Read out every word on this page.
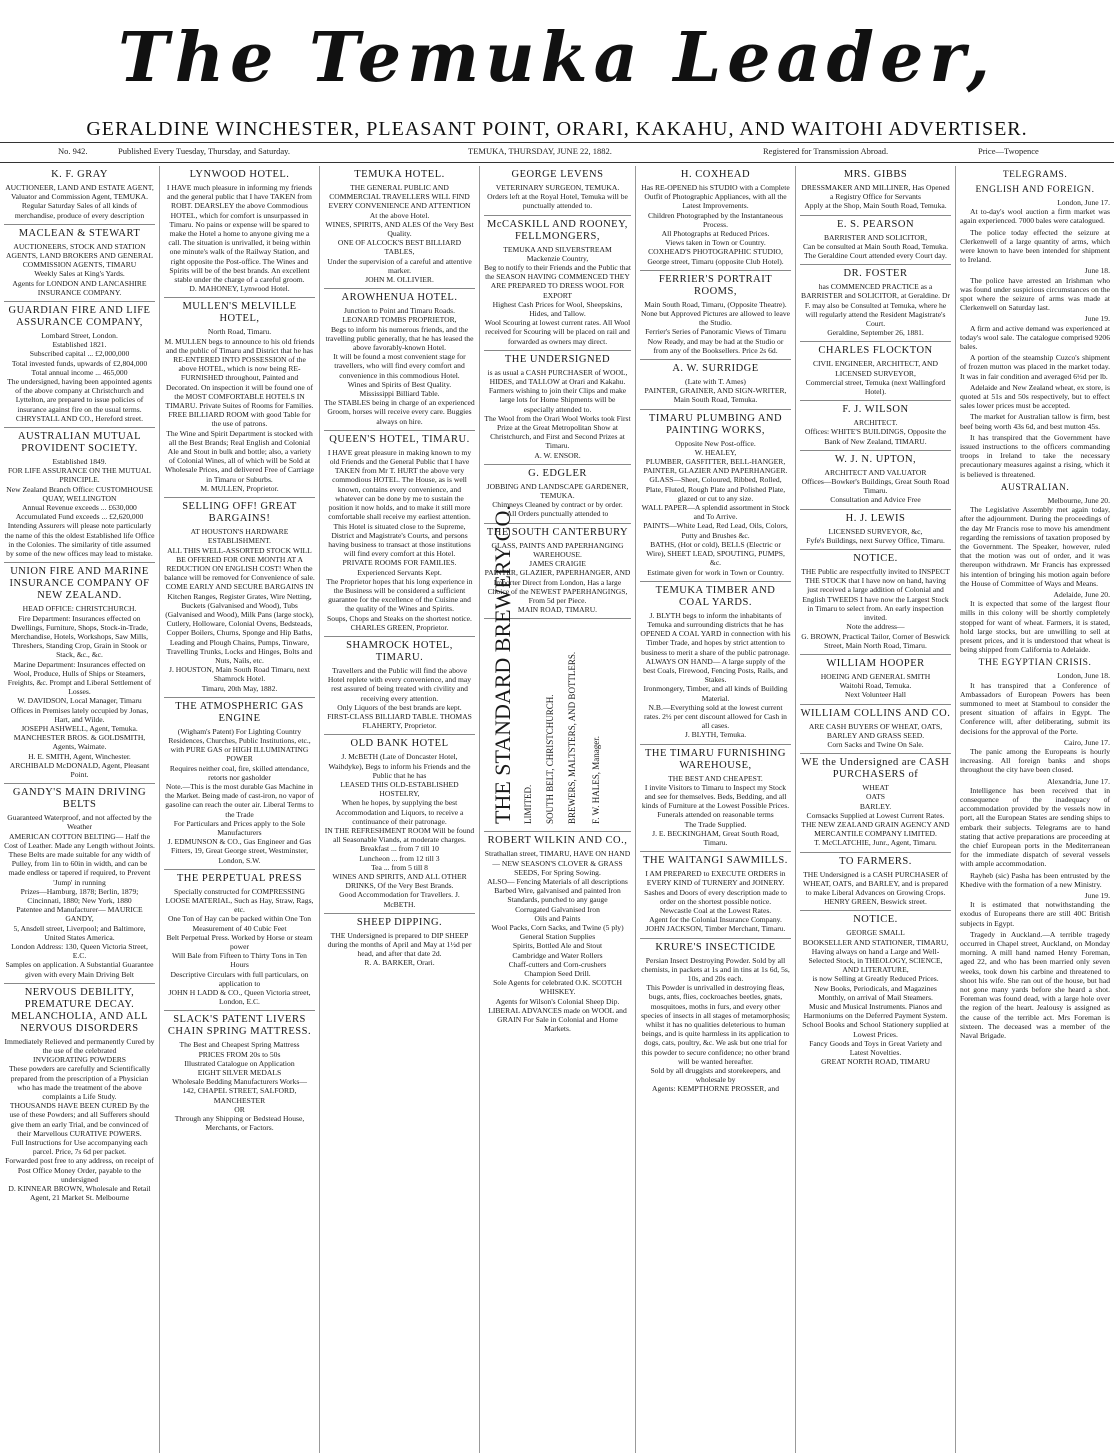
The Temuka Leader,
GERALDINE WINCHESTER, PLEASANT POINT, ORARI, KAKAHU, AND WAITOHI ADVERTISER.
No. 942.	Published Every Tuesday, Thursday, and Saturday.	TEMUKA, THURSDAY, JUNE 22, 1882.	Registered for Transmission Abroad.	Price—Twopence
K. F. GRAY
AUCTIONEER, LAND AND ESTATE AGENT,
Valuator and Commission Agent, TEMUKA.
Regular Saturday Sales of all kinds of merchandise, produce of every description
MACLEAN & STEWART
AUCTIONEERS, STOCK AND STATION AGENTS, LAND BROKERS AND GENERAL COMMISSION AGENTS, TIMARU
Weekly Sales at King's Yards.
Agents for LONDON AND LANCASHIRE INSURANCE COMPANY.
GUARDIAN FIRE AND LIFE ASSURANCE COMPANY,
Lombard Street, London.
Established 1821.
Subscribed capital ... £2,000,000
Total invested funds, upwards of £2,804,000
Total annual income ... 465,000
The undersigned, having been appointed agents of the above company at Christchurch and Lyttelton, are prepared to issue policies of insurance against fire on the usual terms.
CHRYSTALL AND CO., Hereford street.
AUSTRALIAN MUTUAL PROVIDENT SOCIETY.
Established 1849.
FOR LIFE ASSURANCE ON THE MUTUAL PRINCIPLE.
New Zealand Branch Office: CUSTOMHOUSE QUAY, WELLINGTON
Annual Revenue exceeds ... £630,000
Accumulated Fund exceeds ... £2,620,000
Intending Assurers will please note particularly the name of this the oldest Established life Office in the Colonies. The similarity of title assumed by some of the new offices may lead to mistake.
UNION FIRE AND MARINE INSURANCE COMPANY OF NEW ZEALAND.
HEAD OFFICE: CHRISTCHURCH.
Fire Department: Insurances effected on Dwellings, Furniture, Shops, Stock-in-Trade, Merchandise, Hotels, Workshops, Saw Mills, Threshers, Standing Crop, Grain in Stook or Stack, &c., &c.
Marine Department: Insurances effected on Wool, Produce, Hulls of Ships or Steamers, Freights, &c. Prompt and Liberal Settlement of Losses.
W. DAVIDSON, Local Manager, Timaru
Offices in Premises lately occupied by Jonas, Hart, and Wilde.
JOSEPH ASHWELL, Agent, Temuka.
MANCHESTER BROS. & GOLDSMITH, Agents, Waimate.
H. E. SMITH, Agent, Winchester.
ARCHIBALD McDONALD, Agent, Pleasant Point.
GANDY'S MAIN DRIVING BELTS
Guaranteed Waterproof, and not affected by the Weather
AMERICAN COTTON BELTING— Half the Cost of Leather. Made any Length without Joints.
These Belts are made suitable for any width of Pulley, from 1in to 60in in width, and can be made endless or tapered if required, to Prevent 'Jump' in running
Prizes—Hamburg, 1878; Berlin, 1879; Cincinnati, 1880; New York, 1880
Patentee and Manufacturer— MAURICE GANDY,
5, Ansdell street, Liverpool; and Baltimore, United States America.
London Address: 130, Queen Victoria Street, E.C.
Samples on application. A Substantial Guarantee given with every Main Driving Belt
NERVOUS DEBILITY, PREMATURE DECAY. MELANCHOLIA, AND ALL NERVOUS DISORDERS
Immediately Relieved and permanently Cured by the use of the celebrated
INVIGORATING POWDERS
These powders are carefully and Scientifically prepared from the prescription of a Physician who has made the treatment of the above complaints a Life Study.
THOUSANDS HAVE BEEN CURED By the use of these Powders; and all Sufferers should give them an early Trial, and be convinced of their Marvellous CURATIVE POWERS.
Full Instructions for Use accompanying each parcel. Price, 7s 6d per packet.
Forwarded post free to any address, on receipt of Post Office Money Order, payable to the undersigned
D. KINNEAR BROWN, Wholesale and Retail Agent, 21 Market St. Melbourne
LYNWOOD HOTEL.
I HAVE much pleasure in informing my friends and the general public that I have TAKEN from ROBT. DEARSLEY the above Commodious HOTEL, which for comfort is unsurpassed in Timaru. No pains or expense will be spared to make the Hotel a home to anyone giving me a call. The situation is unrivalled, it being within one minute's walk of the Railway Station, and right opposite the Post-office. The Wines and Spirits will be of the best brands. An excellent stable under the charge of a careful groom.
D. MAHONEY, Lynwood Hotel.
MULLEN'S MELVILLE HOTEL,
North Road, Timaru.
M. MULLEN begs to announce to his old friends and the public of Timaru and District that he has RE-ENTERED INTO POSSESSION of the above HOTEL, which is now being RE-FURNISHED throughout, Painted and Decorated. On inspection it will be found one of the MOST COMFORTABLE HOTELS IN TIMARU. Private Suites of Rooms for Families. FREE BILLIARD ROOM with good Table for the use of patrons.
The Wine and Spirit Department is stocked with all the Best Brands; Real English and Colonial Ale and Stout in bulk and bottle; also, a variety of Colonial Wines, all of which will be Sold at Wholesale Prices, and delivered Free of Carriage in Timaru or Suburbs.
M. MULLEN, Proprietor.
SELLING OFF! GREAT BARGAINS!
AT HOUSTON'S HARDWARE ESTABLISHMENT.
ALL THIS WELL-ASSORTED STOCK WILL BE OFFERED FOR ONE MONTH AT A REDUCTION ON ENGLISH COST! When the balance will be removed for Convenience of sale.
COME EARLY AND SECURE BARGAINS IN
Kitchen Ranges, Register Grates, Wire Netting, Buckets (Galvanised and Wood), Tubs (Galvanised and Wood), Milk Pans (large stock), Cutlery, Holloware, Colonial Ovens, Bedsteads, Copper Boilers, Churns, Sponge and Hip Baths, Leading and Plough Chains, Pumps, Tinware, Travelling Trunks, Locks and Hinges, Bolts and Nuts, Nails, etc.
J. HOUSTON, Main South Road Timaru, next Shamrock Hotel.
Timaru, 20th May, 1882.
THE ATMOSPHERIC GAS ENGINE
(Wigham's Patent) For Lighting Country Residences, Churches, Public Institutions, etc., with PURE GAS or HIGH ILLUMINATING POWER
Requires neither coal, fire, skilled attendance, retorts nor gasholder
Note.—This is the most durable Gas Machine in the Market. Being made of cast-iron, no vapor of gasoline can reach the outer air. Liberal Terms to the Trade
For Particulars and Prices apply to the Sole Manufacturers
J. EDMUNSON & CO., Gas Engineer and Gas Fitters, 19, Great George street, Westminster, London, S.W.
THE PERPETUAL PRESS
Specially constructed for COMPRESSING LOOSE MATERIAL, Such as Hay, Straw, Rags, etc.
One Ton of Hay can be packed within One Ton Measurement of 40 Cubic Feet
Belt Perpetual Press. Worked by Horse or steam power
Will Bale from Fifteen to Thirty Tons in Ten Hours
Descriptive Circulars with full particulars, on application to
JOHN H LADD & CO., Queen Victoria street, London, E.C.
SLACK'S PATENT LIVERS CHAIN SPRING MATTRESS.
The Best and Cheapest Spring Mattress
PRICES FROM 20s to 50s
Illustrated Catalogue on Application
EIGHT SILVER MEDALS
Wholesale Bedding Manufacturers Works—
142, CHAPEL STREET, SALFORD, MANCHESTER
OR
Through any Shipping or Bedstead House, Merchants, or Factors.
TEMUKA HOTEL.
THE GENERAL PUBLIC AND COMMERCIAL TRAVELLERS WILL FIND EVERY CONVENIENCE AND ATTENTION At the above Hotel.
WINES, SPIRITS, AND ALES Of the Very Best Quality.
ONE OF ALCOCK'S BEST BILLIARD TABLES,
Under the supervision of a careful and attentive marker.
JOHN M. OLLIVIER.
AROWHENUA HOTEL.
Junction to Point and Timaru Roads.
LEONARD TOMBS PROPRIETOR,
Begs to inform his numerous friends, and the travelling public generally, that he has leased the above favorably-known Hotel.
It will be found a most convenient stage for travellers, who will find every comfort and convenience in this commodious Hotel.
Wines and Spirits of Best Quality.
Mississippi Billiard Table.
The STABLES being in charge of an experienced Groom, horses will receive every care. Buggies always on hire.
QUEEN'S HOTEL, TIMARU.
I HAVE great pleasure in making known to my old Friends and the General Public that I have TAKEN from Mr T. HURT the above very commodious HOTEL. The House, as is well known, contains every convenience, and whatever can be done by me to sustain the position it now holds, and to make it still more comfortable shall receive my earliest attention.
This Hotel is situated close to the Supreme, District and Magistrate's Courts, and persons having business to transact at those institutions will find every comfort at this Hotel.
PRIVATE ROOMS FOR FAMILIES. Experienced Servants Kept.
The Proprietor hopes that his long experience in the Business will be considered a sufficient guarantee for the excellence of the Cuisine and the quality of the Wines and Spirits.
Soups, Chops and Steaks on the shortest notice.
CHARLES GREEN, Proprietor.
SHAMROCK HOTEL, TIMARU.
Travellers and the Public will find the above Hotel replete with every convenience, and may rest assured of being treated with civility and receiving every attention.
Only Liquors of the best brands are kept.
FIRST-CLASS BILLIARD TABLE. THOMAS FLAHERTY, Proprietor.
OLD BANK HOTEL
J. McBETH (Late of Doncaster Hotel, Waihdyke), Begs to inform his Friends and the Public that he has
LEASED THIS OLD-ESTABLISHED HOSTELRY,
When he hopes, by supplying the best Accommodation and Liquors, to receive a continuance of their patronage.
IN THE REFRESHMENT ROOM Will be found all Seasonable Viands, at moderate charges.
Breakfast ... from 7 till 10
Luncheon ... from 12 till 3
Tea ... from 5 till 8
WINES AND SPIRITS, AND ALL OTHER DRINKS, Of the Very Best Brands.
Good Accommodation for Travellers. J. McBETH.
SHEEP DIPPING.
THE Undersigned is prepared to DIP SHEEP during the months of April and May at 1½d per head, and after that date 2d.
R. A. BARKER, Orari.
GEORGE LEVENS
VETERINARY SURGEON, TEMUKA.
Orders left at the Royal Hotel, Temuka will be punctually attended to.
McCASKILL AND ROONEY, FELLMONGERS,
TEMUKA AND SILVERSTREAM
Mackenzie Country,
Beg to notify to their Friends and the Public that the SEASON HAVING COMMENCED THEY ARE PREPARED TO DRESS WOOL FOR EXPORT
Highest Cash Prices for Wool, Sheepskins, Hides, and Tallow.
Wool Scouring at lowest current rates. All Wool received for Scouring will be placed on rail and forwarded as owners may direct.
THE UNDERSIGNED
is as usual a CASH PURCHASER of WOOL, HIDES, and TALLOW at Orari and Kakahu.
Farmers wishing to join their Clips and make large lots for Home Shipments will be especially attended to.
The Wool from the Orari Wool Works took First Prize at the Great Metropolitan Show at Christchurch, and First and Second Prizes at Timaru.
A. W. ENSOR.
G. EDGLER
JOBBING AND LANDSCAPE GARDENER, TEMUKA.
Chimneys Cleaned by contract or by order.
All Orders punctually attended to
THE SOUTH CANTERBURY
GLASS, PAINTS AND PAPERHANGING WAREHOUSE.
JAMES CRAIGIE
PAINTER, GLAZIER, PAPERHANGER, AND
Importer Direct from London, Has a large Choice of the NEWEST PAPERHANGINGS, From 5d per Piece.
MAIN ROAD, TIMARU.
THE STANDARD BREWERY CO. LIMITED. SOUTH BELT, CHRISTCHURCH. BREWERS, MALTSTERS, AND BOTTLERS. F. W. HALES, Manager.
ROBERT WILKIN AND CO.,
Strathallan street, TIMARU, HAVE ON HAND— NEW SEASON'S CLOVER & GRASS SEEDS, For Spring Sowing.
ALSO— Fencing Materials of all descriptions
Barbed Wire, galvanised and painted Iron Standards, punched to any gauge
Corrugated Galvanised Iron
Oils and Paints
Wool Packs, Corn Sacks, and Twine (5 ply)
General Station Supplies
Spirits, Bottled Ale and Stout
Cambridge and Water Rollers
Chaff-cutters and Corn-crushers
Champion Seed Drill.
Sole Agents for celebrated O.K. SCOTCH WHISKEY.
Agents for Wilson's Colonial Sheep Dip.
LIBERAL ADVANCES made on WOOL and GRAIN For Sale in Colonial and Home Markets.
H. COXHEAD
Has RE-OPENED his STUDIO with a Complete Outfit of Photographic Appliances, with all the Latest Improvements.
Children Photographed by the Instantaneous Process.
All Photographs at Reduced Prices.
Views taken in Town or Country.
COXHEAD'S PHOTOGRAPHIC STUDIO, George street, Timaru (opposite Club Hotel).
FERRIER'S PORTRAIT ROOMS,
Main South Road, Timaru, (Opposite Theatre).
None but Approved Pictures are allowed to leave the Studio.
Ferrier's Series of Panoramic Views of Timaru Now Ready, and may be had at the Studio or from any of the Booksellers. Price 2s 6d.
A. W. SURRIDGE
(Late with T. Ames)
PAINTER, GRAINER, AND SIGN-WRITER,
Main South Road, Temuka.
TIMARU PLUMBING AND PAINTING WORKS,
Opposite New Post-office.
W. HEALEY,
PLUMBER, GASFITTER, BELL-HANGER, PAINTER, GLAZIER AND PAPERHANGER.
GLASS—Sheet, Coloured, Ribbed, Rolled, Plate, Fluted, Rough Plate and Polished Plate, glazed or cut to any size.
WALL PAPER—A splendid assortment in Stock and To Arrive.
PAINTS—White Lead, Red Lead, Oils, Colors, Putty and Brushes &c.
BATHS, (Hot or cold), BELLS (Electric or Wire), SHEET LEAD, SPOUTING, PUMPS, &c.
Estimate given for work in Town or Country.
TEMUKA TIMBER AND COAL YARDS.
J. BLYTH begs to inform the inhabitants of Temuka and surrounding districts that he has OPENED A COAL YARD in connection with his Timber Trade, and hopes by strict attention to business to merit a share of the public patronage.
ALWAYS ON HAND— A large supply of the best Coals, Firewood, Fencing Posts, Rails, and Stakes.
Ironmongery, Timber, and all kinds of Building Material.
N.B.—Everything sold at the lowest current rates. 2½ per cent discount allowed for Cash in all cases.
J. BLYTH, Temuka.
THE TIMARU FURNISHING WAREHOUSE,
THE BEST AND CHEAPEST.
I invite Visitors to Timaru to Inspect my Stock and see for themselves. Beds, Bedding, and all kinds of Furniture at the Lowest Possible Prices. Funerals attended on reasonable terms
The Trade Supplied.
J. E. BECKINGHAM, Great South Road, Timaru.
THE WAITANGI SAWMILLS.
I AM PREPARED to EXECUTE ORDERS in EVERY KIND of TURNERY and JOINERY.
Sashes and Doors of every description made to order on the shortest possible notice.
Newcastle Coal at the Lowest Rates.
Agent for the Colonial Insurance Company.
JOHN JACKSON, Timber Merchant, Timaru.
KRURE'S INSECTICIDE
Persian Insect Destroying Powder. Sold by all chemists, in packets at 1s and in tins at 1s 6d, 5s, 10s, and 20s each.
This Powder is unrivalled in destroying fleas, bugs, ants, flies, cockroaches beetles, gnats, mosquitoes, moths in furs, and every other species of insects in all stages of metamorphosis; whilst it has no qualities deleterious to human beings, and is quite harmless in its application to dogs, cats, poultry, &c. We ask but one trial for this powder to secure confidence; no other brand will be wanted hereafter.
Sold by all druggists and storekeepers, and wholesale by
Agents: KEMPTHORNE PROSSER, and
MRS. GIBBS
DRESSMAKER AND MILLINER, Has Opened a Registry Office for Servants
Apply at the Shop, Main South Road, Temuka.
E. S. PEARSON
BARRISTER AND SOLICITOR,
Can be consulted at Main South Road, Temuka. The Geraldine Court attended every Court day.
DR. FOSTER
has COMMENCED PRACTICE as a BARRISTER and SOLICITOR, at Geraldine. Dr F. may also be Consulted at Temuka, where he will regularly attend the Resident Magistrate's Court.
Geraldine, September 26, 1881.
CHARLES FLOCKTON
CIVIL ENGINEER, ARCHITECT, AND LICENSED SURVEYOR,
Commercial street, Temuka (next Wallingford Hotel).
F. J. WILSON
ARCHITECT.
Offices: WHITE'S BUILDINGS, Opposite the Bank of New Zealand, TIMARU.
W. J. N. UPTON,
ARCHITECT AND VALUATOR
Offices—Bowker's Buildings, Great South Road Timaru.
Consultation and Advice Free
H. J. LEWIS
LICENSED SURVEYOR, &c,
Fyfe's Buildings, next Survey Office, Timaru.
NOTICE.
THE Public are respectfully invited to INSPECT THE STOCK that I have now on hand, having just received a large addition of Colonial and English TWEEDS I have now the Largest Stock in Timaru to select from. An early inspection invited.
Note the address—
G. BROWN, Practical Tailor, Corner of Beswick Street, Main North Road, Timaru.
WILLIAM HOOPER
HOEING AND GENERAL SMITH
Waitohi Road, Temuka.
Next Volunteer Hall
WILLIAM COLLINS AND CO.
ARE CASH BUYERS OF WHEAT, OATS, BARLEY AND GRASS SEED.
Corn Sacks and Twine On Sale.
WE the Undersigned are CASH PURCHASERS of
WHEAT
OATS
BARLEY.
Cornsacks Supplied at Lowest Current Rates.
THE NEW ZEALAND GRAIN AGENCY AND MERCANTILE COMPANY LIMITED.
T. McCLATCHIE, Junr., Agent, Timaru.
TO FARMERS.
THE Undersigned is a CASH PURCHASER of WHEAT, OATS, and BARLEY, and is prepared to make Liberal Advances on Growing Crops.
HENRY GREEN, Beswick street.
NOTICE.
GEORGE SMALL
BOOKSELLER AND STATIONER, TIMARU, Having always on hand a Large and Well-Selected Stock, in THEOLOGY, SCIENCE, AND LITERATURE,
is now Selling at Greatly Reduced Prices.
New Books, Periodicals, and Magazines Monthly, on arrival of Mail Steamers.
Music and Musical Instruments. Pianos and Harmoniums on the Deferred Payment System.
School Books and School Stationery supplied at Lowest Prices.
Fancy Goods and Toys in Great Variety and Latest Novelties.
GREAT NORTH ROAD, TIMARU
TELEGRAMS.
ENGLISH AND FOREIGN.
London, June 17.

At to-day's wool auction a firm market was again experienced. 7000 bales were catalogued.

The police today effected the seizure at Clerkenwell of a large quantity of arms, which were known to have been intended for shipment to Ireland.

June 18.

The police have arrested an Irishman who was found under suspicious circumstances on the spot where the seizure of arms was made at Clerkenwell on Saturday last.

June 19.

A firm and active demand was experienced at today's wool sale. The catalogue comprised 9206 bales.

A portion of the steamship Cuzco's shipment of frozen mutton was placed in the market today. It was in fair condition and averaged 6½d per lb.

Adelaide and New Zealand wheat, ex store, is quoted at 51s and 50s respectively, but to effect sales lower prices must be accepted.

The market for Australian tallow is firm, best beef being worth 43s 6d, and best mutton 45s.

It has transpired that the Government have issued instructions to the officers commanding troops in Ireland to take the necessary precautionary measures against a rising, which it is believed is threatened.

AUSTRALIAN.
Melbourne, June 20.

The Legislative Assembly met again today, after the adjournment. During the proceedings of the day Mr Francis rose to move his amendment regarding the remissions of taxation proposed by the Government. The Speaker, however, ruled that the motion was out of order, and it was thereupon withdrawn. Mr Francis has expressed his intention of bringing his motion again before the House of Committee of Ways and Means.

Adelaide, June 20.

It is expected that some of the largest flour mills in this colony will be shortly completely stopped for want of wheat. Farmers, it is stated, hold large stocks, but are unwilling to sell at present prices, and it is understood that wheat is being shipped from California to Adelaide.

THE EGYPTIAN CRISIS.
London, June 18.

It has transpired that a Conference of Ambassadors of European Powers has been summoned to meet at Stamboul to consider the present situation of affairs in Egypt. The Conference will, after deliberating, submit its decisions for the approval of the Porte.

Cairo, June 17.

The panic among the Europeans is hourly increasing. All foreign banks and shops throughout the city have been closed.

Alexandria, June 17.

Intelligence has been received that in consequence of the inadequacy of accommodation provided by the vessels now in port, all the European States are sending ships to embark their subjects. Telegrams are to hand stating that active preparations are proceeding at the chief European ports in the Mediterranean for the immediate dispatch of several vessels with ample accommodation.

Rayheb (sic) Pasha has been entrusted by the Khedive with the formation of a new Ministry.

June 19.

It is estimated that notwithstanding the exodus of Europeans there are still 40C British subjects in Egypt.

Tragedy in Auckland.—A terrible tragedy occurred in Chapel street, Auckland, on Monday morning. A mill hand named Henry Foreman, aged 22, and who has been married only seven weeks, took down his carbine and threatened to shoot his wife. She ran out of the house, but had not gone many yards before she heard a shot. Foreman was found dead, with a large hole over the region of the heart. Jealousy is assigned as the cause of the terrible act. Mrs Foreman is sixteen. The deceased was a member of the Naval Brigade.
